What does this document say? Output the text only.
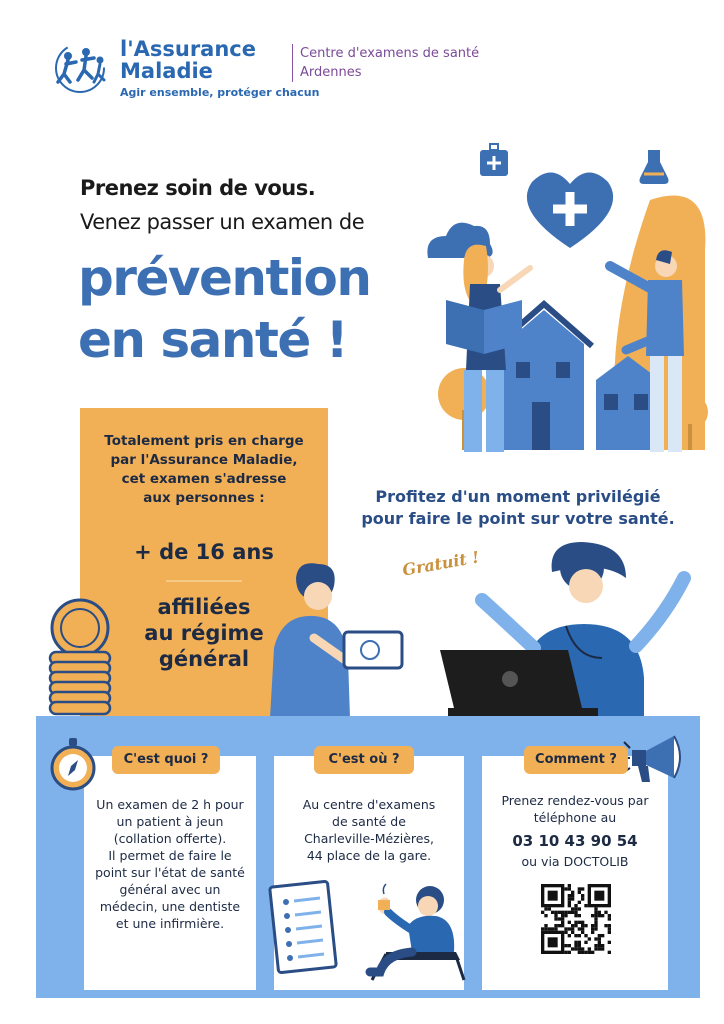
l'Assurance
Maladie
Agir ensemble, protéger chacun
Centre d'examens de santé
Ardennes
Prenez soin de vous.
Venez passer un examen de
prévention
en santé !
Totalement pris en charge
par l'Assurance Maladie,
cet examen s'adresse
aux personnes :
+ de 16 ans
affiliées
au régime
général
Profitez d'un moment privilégié
pour faire le point sur votre santé.
Gratuit !
C'est quoi ?	C'est où ?	Comment ?
Un examen de 2 h pour
un patient à jeun
(collation offerte).
Il permet de faire le
point sur l'état de santé
général avec un
médecin, une dentiste
et une infirmière.
Au centre d'examens
de santé de
Charleville-Mézières,
44 place de la gare.
Prenez rendez-vous par
téléphone au
03 10 43 90 54
ou via DOCTOLIB
